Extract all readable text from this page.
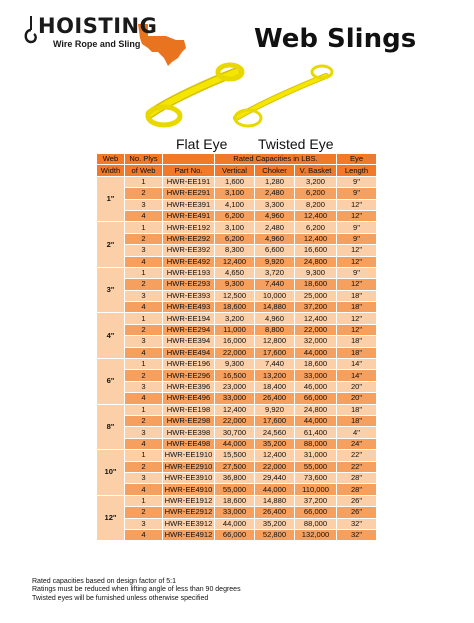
HOISTING
Wire Rope and Sling	Web Slings
Flat Eye Twisted Eye
Web	No. Plys		Rated Capacities in LBS.			Eye
Width	of Web	Part No.	Vertical	Choker	V. Basket	Length
1"	1	HWR-EE191	1,600	1,280	3,200	9"
	2	HWR-EE291	3,100	2,480	6,200	9"
	3	HWR-EE391	4,100	3,300	8,200	12"
	4	HWR-EE491	6,200	4,960	12,400	12"
2"	1	HWR-EE192	3,100	2,480	6,200	9"
	2	HWR-EE292	6,200	4,960	12,400	9"
	3	HWR-EE392	8,300	6,600	16,600	12"
	4	HWR-EE492	12,400	9,920	24,800	12"
3"	1	HWR-EE193	4,650	3,720	9,300	9"
	2	HWR-EE293	9,300	7,440	18,600	12"
	3	HWR-EE393	12,500	10,000	25,000	18"
	4	HWR-EE493	18,600	14,880	37,200	18"
4"	1	HWR-EE194	3,200	4,960	12,400	12"
	2	HWR-EE294	11,000	8,800	22,000	12"
	3	HWR-EE394	16,000	12,800	32,000	18"
	4	HWR-EE494	22,000	17,600	44,000	18"
6"	1	HWR-EE196	9,300	7,440	18,600	14"
	2	HWR-EE296	16,500	13,200	33,000	14"
	3	HWR-EE396	23,000	18,400	46,000	20"
	4	HWR-EE496	33,000	26,400	66,000	20"
8"	1	HWR-EE198	12,400	9,920	24,800	18"
	2	HWR-EE298	22,000	17,600	44,000	18"
	3	HWR-EE398	30,700	24,560	61,400	4"
	4	HWR-EE498	44,000	35,200	88,000	24"
10"	1	HWR-EE1910	15,500	12,400	31,000	22"
	2	HWR-EE2910	27,500	22,000	55,000	22"
	3	HWR-EE3910	36,800	29,440	73,600	28"
	4	HWR-EE4910	55,000	44,000	110,000	28"
12"	1	HWR-EE1912	18,600	14,880	37,200	26"
	2	HWR-EE2912	33,000	26,400	66,000	26"
	3	HWR-EE3912	44,000	35,200	88,000	32"
	4	HWR-EE4912	66,000	52,800	132,000	32"
Rated capacities based on design factor of 5:1
Ratings must be reduced when lifting angle of less than 90 degrees
Twisted eyes will be furnished unless otherwise specified
